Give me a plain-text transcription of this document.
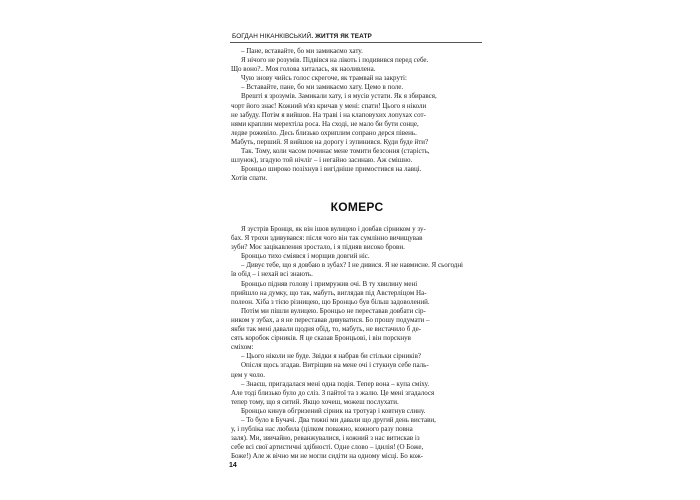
БОГДАН НІКАНКІВСЬКИЙ. ЖИТТЯ ЯК ТЕАТР
– Пане, вставайте, бо ми замикаємо хату.
Я нічого не розумів. Підвівся на лікоть і подивився перед себе.
Що воно?.. Моя голова хиталась, як наоливлена.
Чую знову чийсь голос скрегоче, як трамвай на закруті:
– Вставайте, пане, бо ми замикаємо хату. Цемо в поле.
Врешті я зрозумів. Замикали хату, і я мусів устати. Як я збирався,
чорт його знає! Кожний м'яз кричав у мені: спати! Цього я ніколи
не забуду. Потім я вийшов. На траві і на клаповухих лопухах сот-
нями краплин мерехтіла роса. На сході, не мало би бути сонце,
ледве рожевіло. Десь близько охриплим сопрано дерся півень.
Мабуть, перший. Я вийшов на дорогу і зупинився. Куди буде йти?
Так. Тому, коли часом починає мене томити безсоння (старість,
шлунок), згадую той нічліг – і негайно засинаю. Аж смішно.
Бронцьо широко позіхнув і вигідніше примостився на лавці.
Хотів спати.
КОМЕРС
Я зустрів Бронця, як він ішов вулицею і довбав сірником у зу-
бах. Я трохи здивувався: після чого він так сумлінно вичищував
зуби? Моє зацікавлення зростало, і я підняв високо брови.
Бронцьо тихо сміявся і морщив довгий ніс.
– Дивує тебе, що я довбаю в зубах? І не дивися. Я не навмисне. Я сьогодні
їв обід – і нехай всі знають.
Бронцьо підняв голову і примружив очі. В ту хвилину мені
прийшло на думку, що так, мабуть, виглядав під Австерліцом На-
полеон. Хіба з тією різницею, що Бронцьо був більш задоволений.
Потім ми пішли вулицею. Бронцьо не переставав довбати сір-
ником у зубах, а я не переставав дивуватися. Бо прошу подумати –
якби так мені давали щодня обід, то, мабуть, не вистачило б де-
сять коробок сірників. Я це сказав Бронцьові, і він порскнув
сміхом:
– Цього ніколи не буде. Звідки я набрав би стільки сірників?
Опісля щось згадав. Витріщив на мене очі і стукнув себе паль-
цем у чоло.
– Знаєш, пригадалася мені одна подія. Тепер вона – купа сміху.
Але тоді близько було до сліз. З пайтої та з жалю. Це мені згадалося
тепер тому, що я ситий. Якщо хочеш, можеш послухати.
Бронцьо кинув обгризений сірник на тротуар і ковтнув слину.
– То було в Бучачі. Два тижні ми давали що другий день вистави,
у, і публіка нас любила (цілком поважно, кожного разу повна
заля). Ми, звичайно, реванжувалися, і кожний з нас витискав із
себе всі свої артистичні здібності. Одне слово – ідилія! (О Боже,
Боже!) Але ж вічно ми не могли сидіти на одному місці. Бо кож-
14
